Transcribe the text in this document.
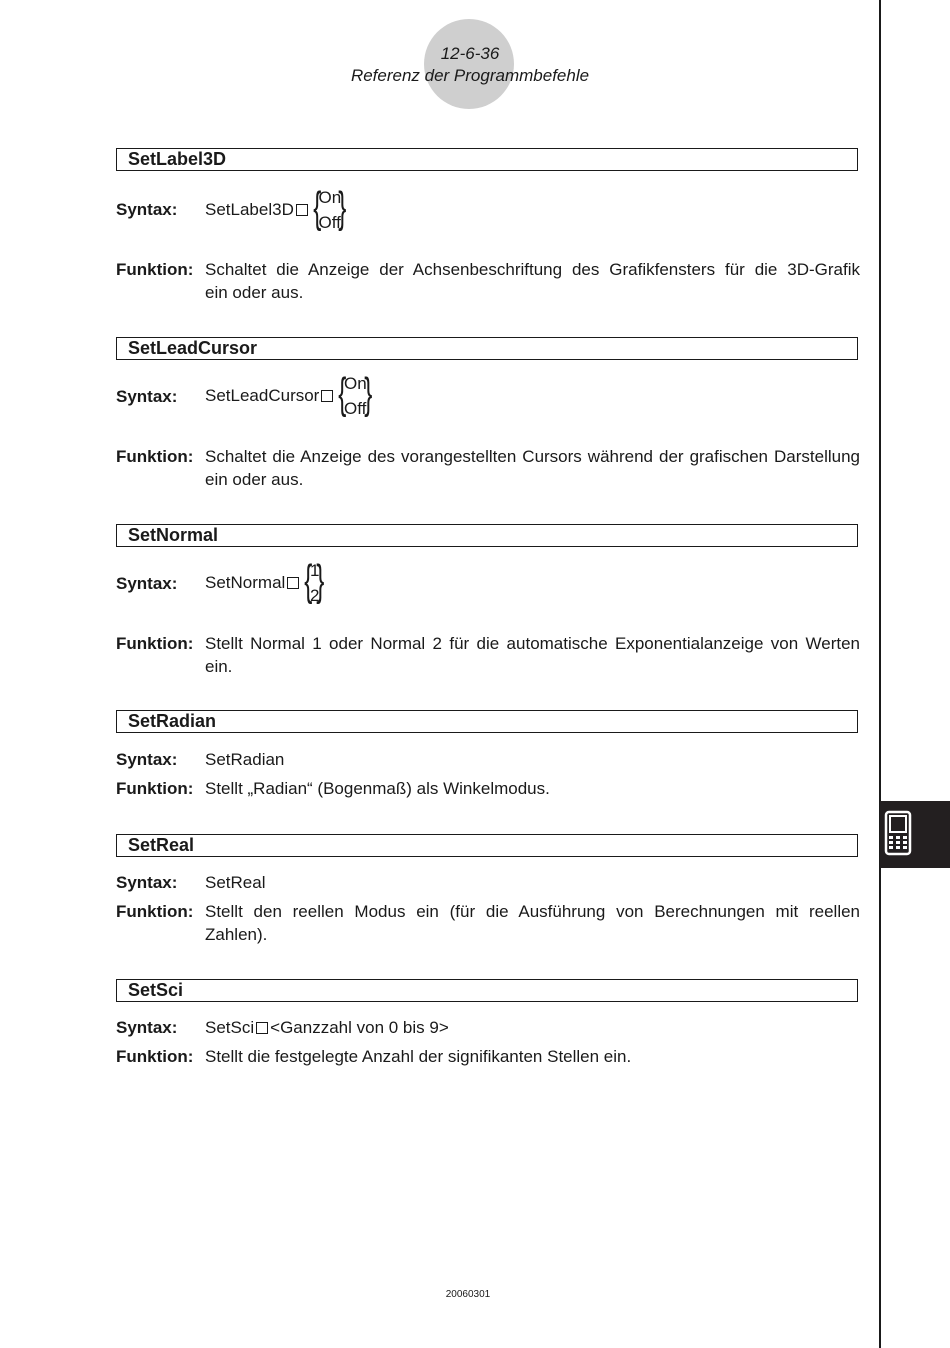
12-6-36
Referenz der Programmbefehle
SetLabel3D
Syntax: SetLabel3D {
On
Off
}
Funktion: Schaltet die Anzeige der Achsenbeschriftung des Grafikfensters für die 3D-Grafik
ein oder aus.
SetLeadCursor
Syntax: SetLeadCursor {
On
Off
}
Funktion: Schaltet die Anzeige des vorangestellten Cursors während der grafischen Darstellung
ein oder aus.
SetNormal
Syntax: SetNormal {
1
2
}
Funktion: Stellt Normal 1 oder Normal 2 für die automatische Exponentialanzeige von Werten
ein.
SetRadian
Syntax: SetRadian
Funktion: Stellt „Radian“ (Bogenmaß) als Winkelmodus.
SetReal
Syntax: SetReal
Funktion: Stellt den reellen Modus ein (für die Ausführung von Berechnungen mit reellen
Zahlen).
SetSci
Syntax: SetSci <Ganzzahl von 0 bis 9>
Funktion: Stellt die festgelegte Anzahl der signifikanten Stellen ein.
20060301
